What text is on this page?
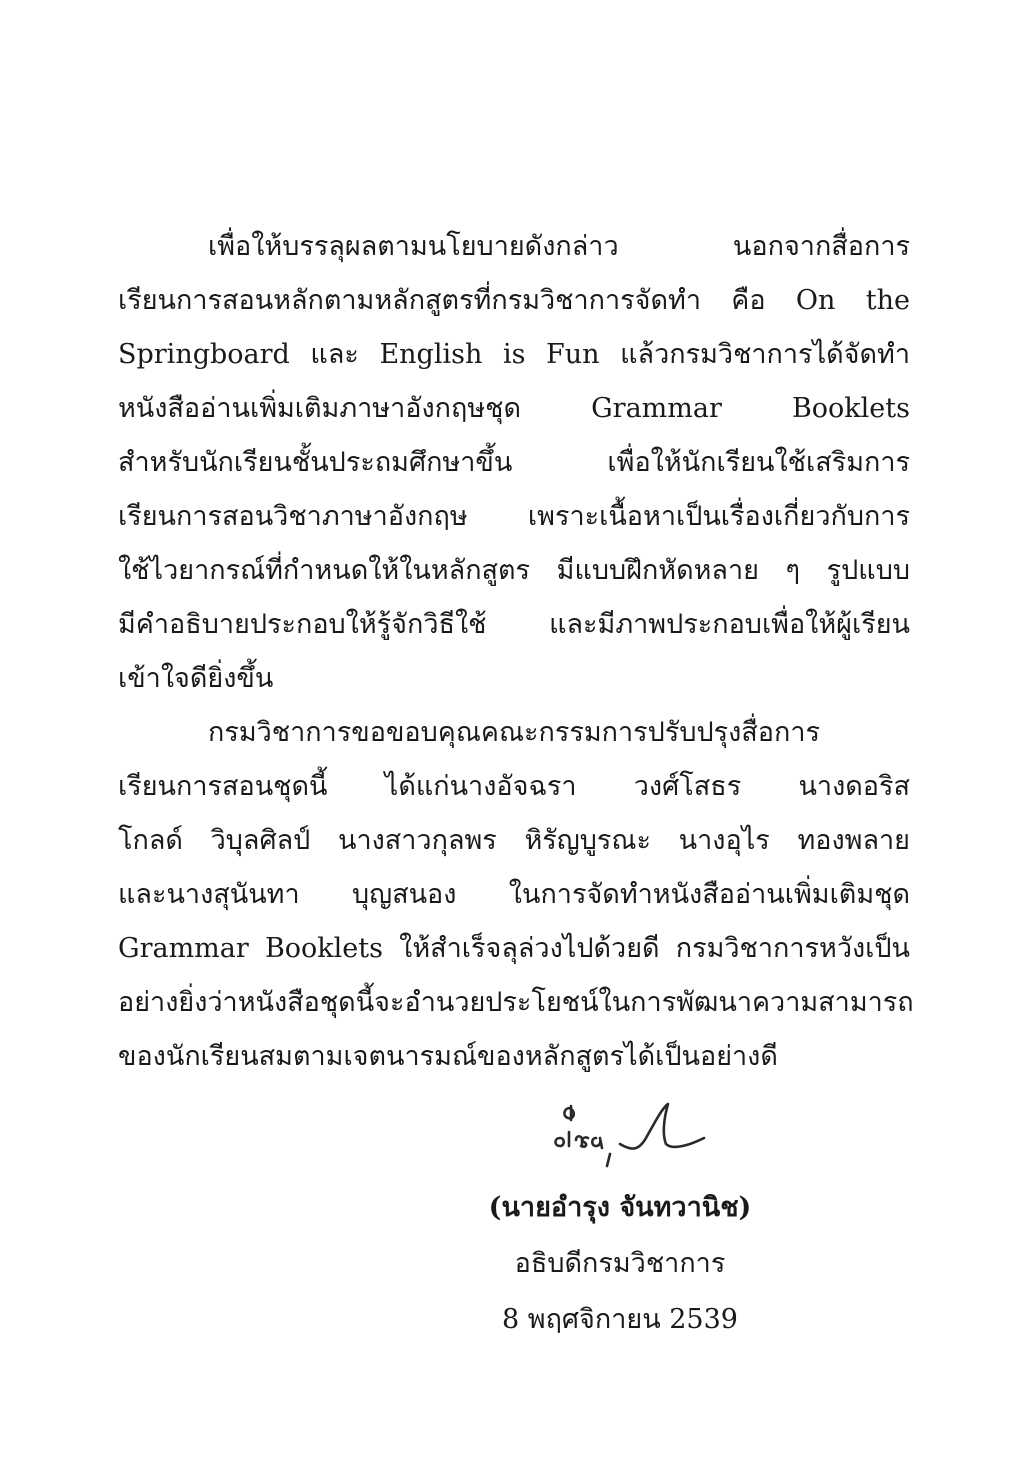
เพื่อให้บรรลุผลตามนโยบายดังกล่าว นอกจากสื่อการ
เรียนการสอนหลักตามหลักสูตรที่กรมวิชาการจัดทำ คือ On the
Springboard และ English is Fun แล้วกรมวิชาการได้จัดทำ
หนังสืออ่านเพิ่มเติมภาษาอังกฤษชุด Grammar Booklets
สำหรับนักเรียนชั้นประถมศึกษาขึ้น เพื่อให้นักเรียนใช้เสริมการ
เรียนการสอนวิชาภาษาอังกฤษ เพราะเนื้อหาเป็นเรื่องเกี่ยวกับการ
ใช้ไวยากรณ์ที่กำหนดให้ในหลักสูตร มีแบบฝึกหัดหลาย ๆ รูปแบบ
มีคำอธิบายประกอบให้รู้จักวิธีใช้ และมีภาพประกอบเพื่อให้ผู้เรียน
เข้าใจดียิ่งขึ้น
กรมวิชาการขอขอบคุณคณะกรรมการปรับปรุงสื่อการ
เรียนการสอนชุดนี้ ได้แก่นางอัจฉรา วงศ์โสธร นางดอริส
โกลด์ วิบุลศิลป์ นางสาวกุลพร หิรัญบูรณะ นางอุไร ทองพลาย
และนางสุนันทา บุญสนอง ในการจัดทำหนังสืออ่านเพิ่มเติมชุด
Grammar Booklets ให้สำเร็จลุล่วงไปด้วยดี กรมวิชาการหวังเป็น
อย่างยิ่งว่าหนังสือชุดนี้จะอำนวยประโยชน์ในการพัฒนาความสามารถ
ของนักเรียนสมตามเจตนารมณ์ของหลักสูตรได้เป็นอย่างดี
(นายอำรุง จันทวานิช)
อธิบดีกรมวิชาการ
8 พฤศจิกายน 2539
